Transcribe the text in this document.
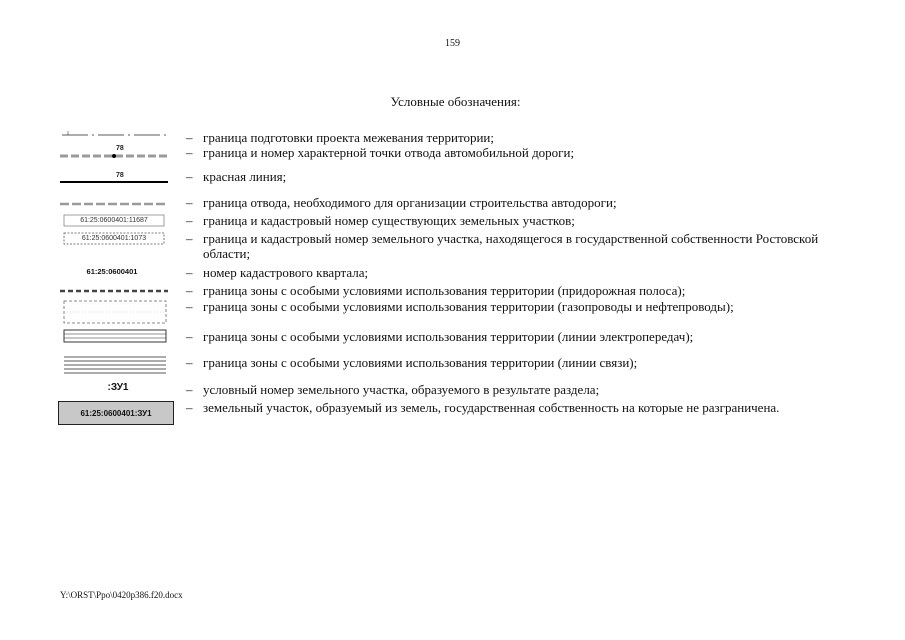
159
Условные обозначения:
– граница подготовки проекта межевания территории;
78	– граница и номер характерной точки отвода автомобильной дороги;
78	– красная линия;
– граница отвода, необходимого для организации строительства автодороги;
61:25:0600401:11687	– граница и кадастровый номер существующих земельных участков;
61:25:0600401:1073	– граница и кадастровый номер земельного участка, находящегося в государственной собственности Ростовской области;
61:25:0600401	– номер кадастрового квартала;
– граница зоны с особыми условиями использования территории (придорожная полоса);
– граница зоны с особыми условиями использования территории (газопроводы и нефтепроводы);
– граница зоны с особыми условиями использования территории (линии электропередач);
– граница зоны с особыми условиями использования территории (линии связи);
:ЗУ1	– условный номер земельного участка, образуемого в результате раздела;
61:25:0600401:ЗУ1	– земельный участок, образуемый из земель, государственная собственность на которые не разграничена.
Y:\ORST\Ppo\0420p386.f20.docx
